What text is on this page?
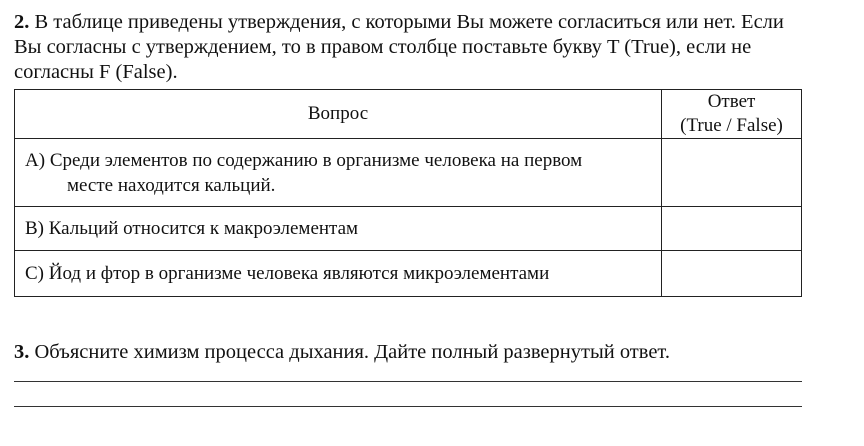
2. В таблице приведены утверждения, с которыми Вы можете согласиться или нет. Если Вы согласны с утверждением, то в правом столбце поставьте букву T (True), если не согласны F (False).
Вопрос	Ответ
(True / False)

A) Среди элементов по содержанию в организме человека на первом
месте находится кальций.	

B) Кальций относится к макроэлементам	
C) Йод и фтор в организме человека являются микроэлементами	
3. Объясните химизм процесса дыхания. Дайте полный развернутый ответ.
